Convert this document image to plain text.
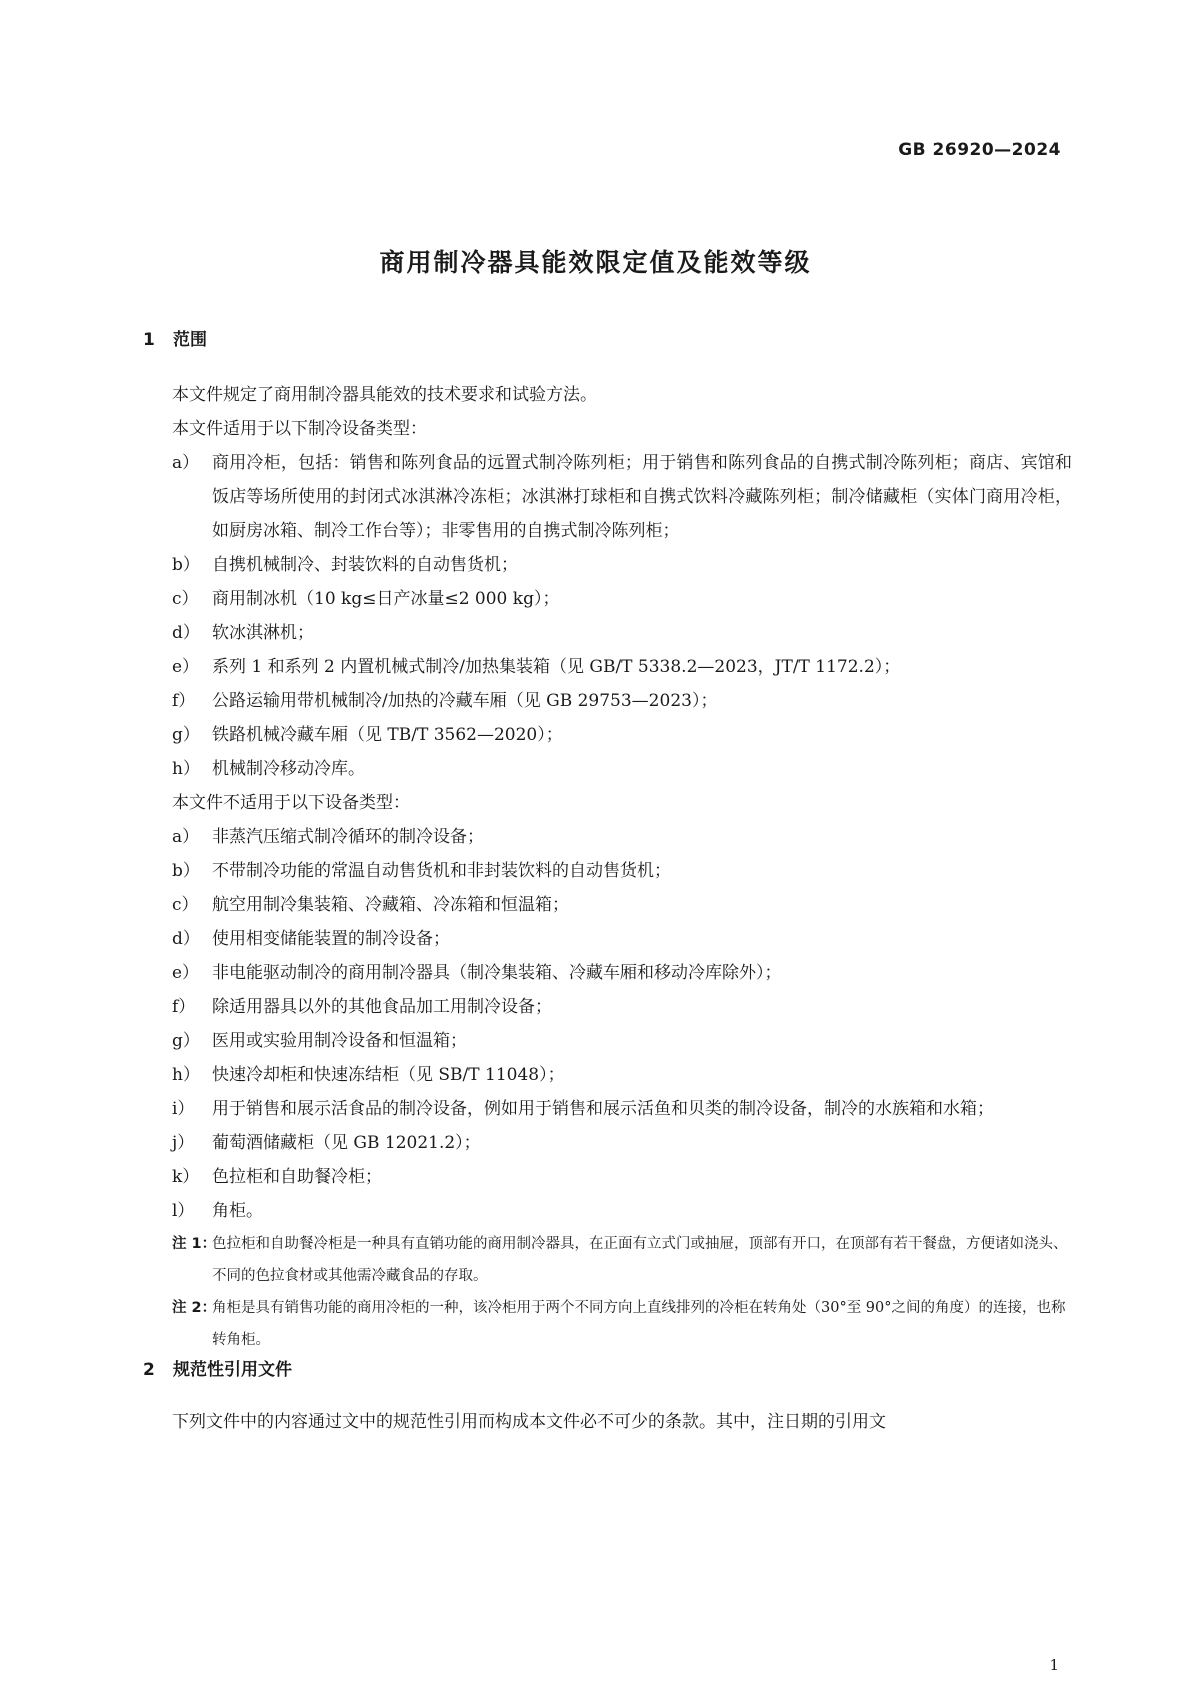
GB 26920—2024
商用制冷器具能效限定值及能效等级
1 范围

本文件规定了商用制冷器具能效的技术要求和试验方法。

本文件适用于以下制冷设备类型：

a） 商用冷柜，包括：销售和陈列食品的远置式制冷陈列柜；用于销售和陈列食品的自携式制冷陈列柜；商店、宾馆和饭店等场所使用的封闭式冰淇淋冷冻柜；冰淇淋打球柜和自携式饮料冷藏陈列柜；制冷储藏柜（实体门商用冷柜，如厨房冰箱、制冷工作台等）；非零售用的自携式制冷陈列柜；
b） 自携机械制冷、封装饮料的自动售货机；
c） 商用制冰机（10 kg≤日产冰量≤2 000 kg）；
d） 软冰淇淋机；
e） 系列 1 和系列 2 内置机械式制冷/加热集装箱（见 GB/T 5338.2—2023，JT/T 1172.2）；
f） 公路运输用带机械制冷/加热的冷藏车厢（见 GB 29753—2023）；
g） 铁路机械冷藏车厢（见 TB/T 3562—2020）；
h） 机械制冷移动冷库。

本文件不适用于以下设备类型：

a） 非蒸汽压缩式制冷循环的制冷设备；
b） 不带制冷功能的常温自动售货机和非封装饮料的自动售货机；
c） 航空用制冷集装箱、冷藏箱、冷冻箱和恒温箱；
d） 使用相变储能装置的制冷设备；
e） 非电能驱动制冷的商用制冷器具（制冷集装箱、冷藏车厢和移动冷库除外）；
f） 除适用器具以外的其他食品加工用制冷设备；
g） 医用或实验用制冷设备和恒温箱；
h） 快速冷却柜和快速冻结柜（见 SB/T 11048）；
i） 用于销售和展示活食品的制冷设备，例如用于销售和展示活鱼和贝类的制冷设备，制冷的水族箱和水箱；
j） 葡萄酒储藏柜（见 GB 12021.2）；
k） 色拉柜和自助餐冷柜；
l） 角柜。
注 1：
色拉柜和自助餐冷柜是一种具有直销功能的商用制冷器具，在正面有立式门或抽屉，顶部有开口，在顶部有若干餐盘，方便诸如浇头、不同的色拉食材或其他需冷藏食品的存取。
注 2：
角柜是具有销售功能的商用冷柜的一种，该冷柜用于两个不同方向上直线排列的冷柜在转角处（30°至 90°之间的角度）的连接，也称转角柜。
2 规范性引用文件

下列文件中的内容通过文中的规范性引用而构成本文件必不可少的条款。其中，注日期的引用文

1
